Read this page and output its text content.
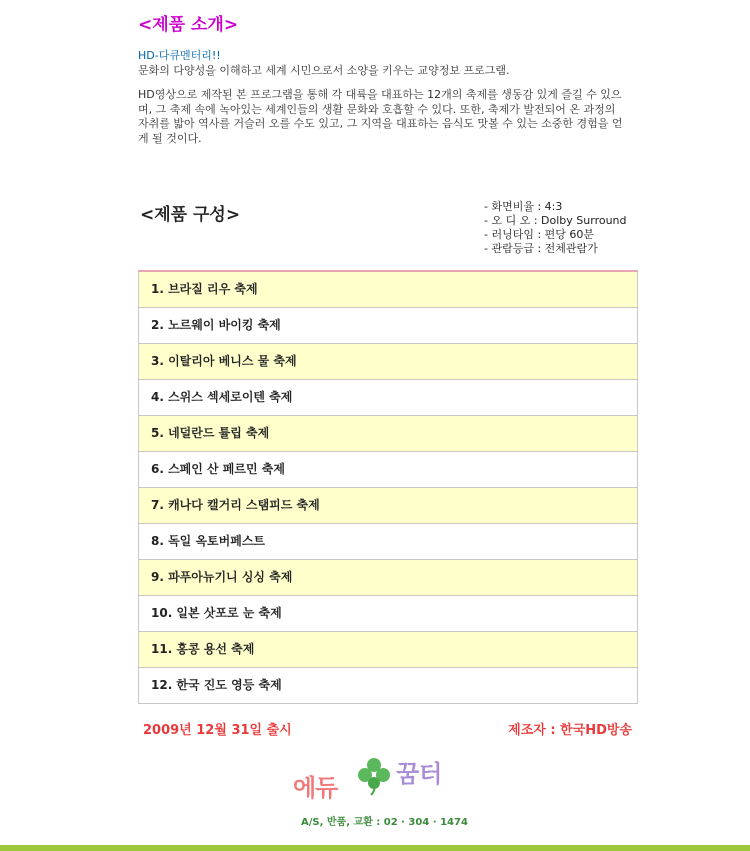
<제품 소개>
HD-다큐멘터리!!
문화의 다양성을 이해하고 세계 시민으로서 소양을 키우는 교양정보 프로그램.
HD영상으로 제작된 본 프로그램을 통해 각 대륙을 대표하는 12개의 축제를 생동감 있게 즐길 수 있으며, 그 축제 속에 녹아있는 세계인들의 생활 문화와 호흡할 수 있다. 또한, 축제가 발전되어 온 과정의 자취를 밟아 역사를 거슬러 오를 수도 있고, 그 지역을 대표하는 음식도 맛볼 수 있는 소중한 경험을 얻게 될 것이다.
<제품 구성>	- 화면비율 : 4:3
- 오 디 오 : Dolby Surround
- 러닝타임 : 편당 60분
- 관람등급 : 전체관람가
1. 브라질 리우 축제
2. 노르웨이 바이킹 축제
3. 이탈리아 베니스 물 축제
4. 스위스 섹세로이텐 축제
5. 네덜란드 튤립 축제
6. 스페인 산 페르민 축제
7. 캐나다 캘거리 스탬피드 축제
8. 독일 옥토버페스트
9. 파푸아뉴기니 싱싱 축제
10. 일본 삿포로 눈 축제
11. 홍콩 용선 축제
12. 한국 진도 영등 축제
2009년 12월 31일 출시	제조자 : 한국HD방송
에듀 꿈터
A/S, 반품, 교환 : 02 · 304 · 1474
